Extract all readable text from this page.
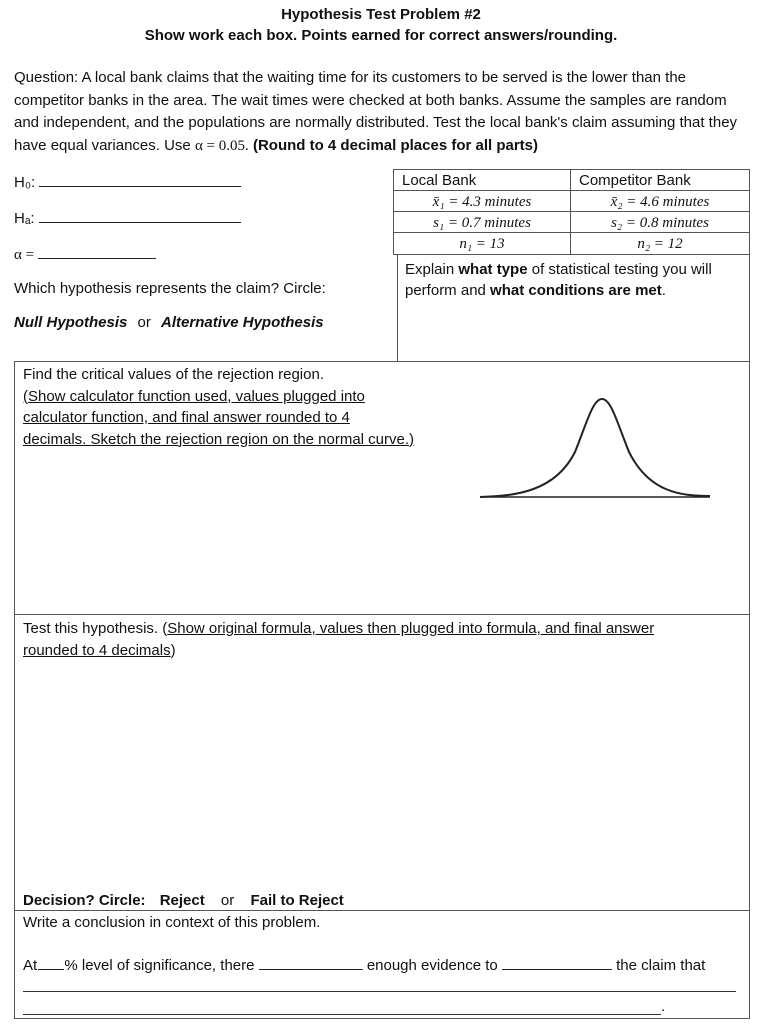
Hypothesis Test Problem #2
Show work each box. Points earned for correct answers/rounding.
Question: A local bank claims that the waiting time for its customers to be served is the lower than the competitor banks in the area. The wait times were checked at both banks. Assume the samples are random and independent, and the populations are normally distributed. Test the local bank's claim assuming that they have equal variances. Use α = 0.05. (Round to 4 decimal places for all parts)
H₀:
Hₐ:
α =
Local Bank	Competitor Bank
x̄₁ = 4.3 minutes	x̄₂ = 4.6 minutes
s₁ = 0.7 minutes	s₂ = 0.8 minutes
n₁ = 13	n₂ = 12
Which hypothesis represents the claim? Circle:
Null Hypothesis or Alternative Hypothesis
Explain what type of statistical testing you will perform and what conditions are met.
Find the critical values of the rejection region.
(Show calculator function used, values plugged into
calculator function, and final answer rounded to 4
decimals. Sketch the rejection region on the normal curve.)
Test this hypothesis. (Show original formula, values then plugged into formula, and final answer
rounded to 4 decimals)
Decision? Circle: Reject or Fail to Reject
Write a conclusion in context of this problem.
At % level of significance, there	enough evidence to	the claim that
.
